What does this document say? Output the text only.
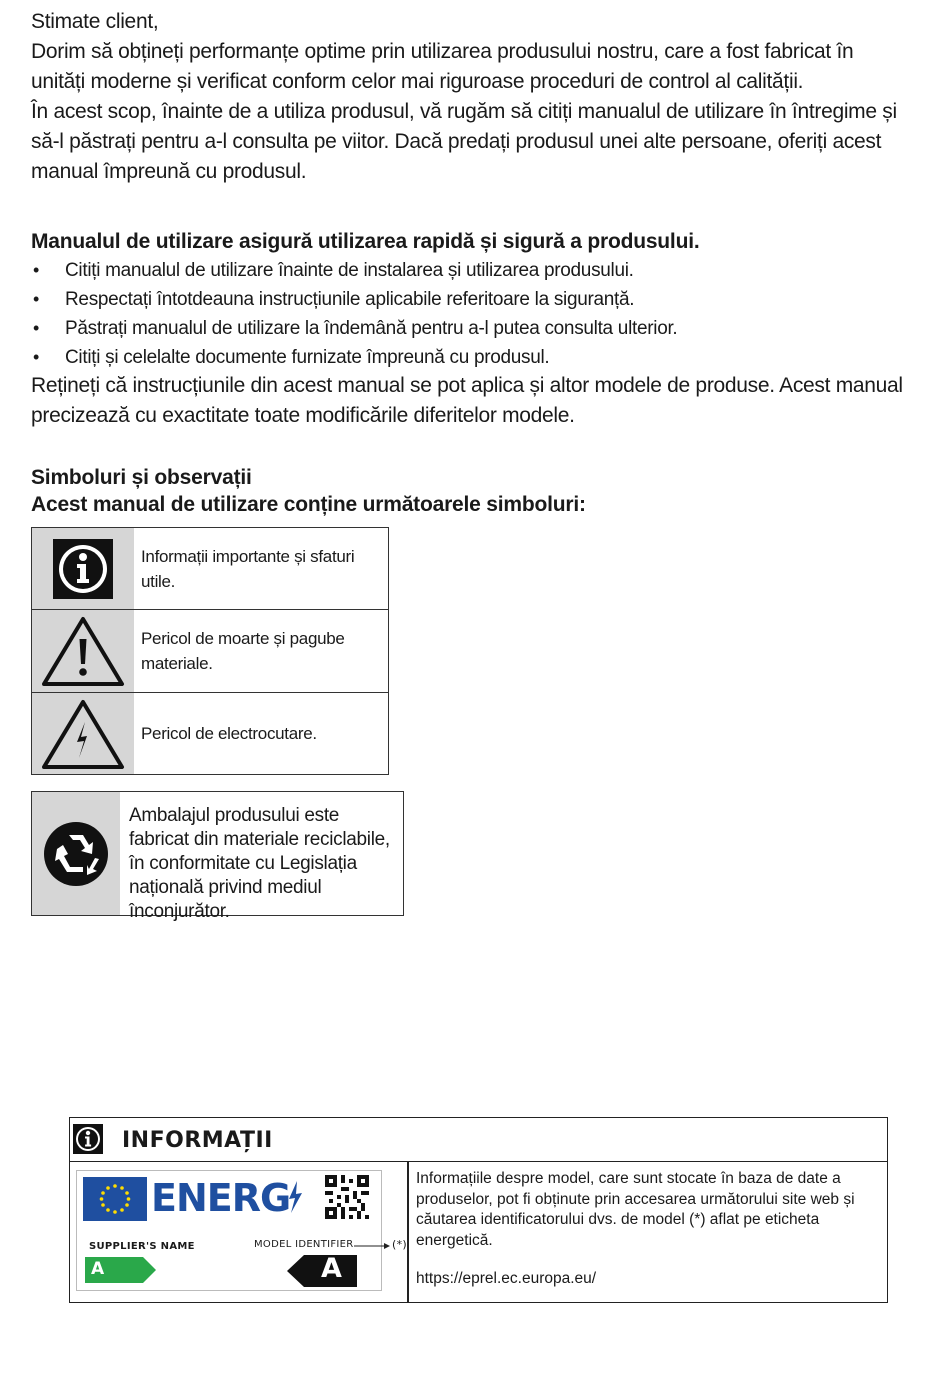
Stimate client,
Dorim să obțineți performanțe optime prin utilizarea produsului nostru, care a fost fabricat în unități moderne și verificat conform celor mai riguroase proceduri de control al calității.
În acest scop, înainte de a utiliza produsul, vă rugăm să citiți manualul de utilizare în întregime și să-l păstrați pentru a-l consulta pe viitor. Dacă predați produsul unei alte persoane, oferiți acest manual împreună cu produsul.
Manualul de utilizare asigură utilizarea rapidă și sigură a produsului.
• Citiți manualul de utilizare înainte de instalarea și utilizarea produsului.
• Respectați întotdeauna instrucțiunile aplicabile referitoare la siguranță.
• Păstrați manualul de utilizare la îndemână pentru a-l putea consulta ulterior.
• Citiți și celelalte documente furnizate împreună cu produsul.
Rețineți că instrucțiunile din acest manual se pot aplica și altor modele de produse. Acest manual precizează cu exactitate toate modificările diferitelor modele.
Simboluri și observații
Acest manual de utilizare conține următoarele simboluri:
Informații importante și sfaturi utile.
Pericol de moarte și pagube materiale.
Pericol de electrocutare.
Ambalajul produsului este fabricat din materiale reciclabile, în conformitate cu Legislația națională privind mediul înconjurător.
INFORMAȚII
ENERG
SUPPLIER'S NAME	MODEL IDENTIFIER	(*)
A	A
Informațiile despre model, care sunt stocate în baza de date a produselor, pot fi obținute prin accesarea următorului site web și căutarea identificatorului dvs. de model (*) aflat pe eticheta energetică.
https://eprel.ec.europa.eu/
